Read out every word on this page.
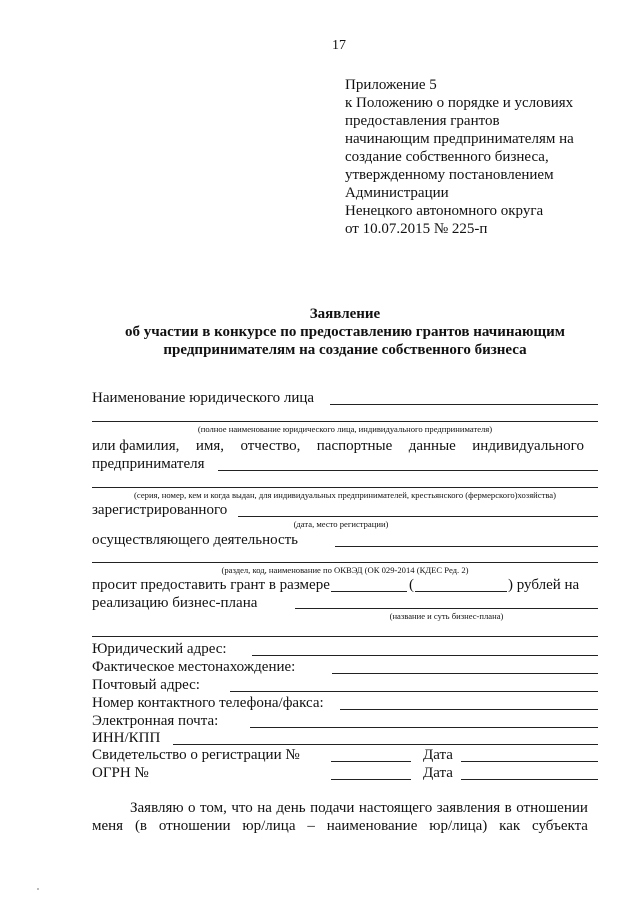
17
Приложение 5
к Положению о порядке и условиях
предоставления грантов
начинающим предпринимателям на
создание собственного бизнеса,
утвержденному постановлением
Администрации
Ненецкого автономного округа
от 10.07.2015 № 225-п
Заявление
об участии в конкурсе по предоставлению грантов начинающим
предпринимателям на создание собственного бизнеса
Наименование юридического лица
(полное наименование юридического лица, индивидуального предпринимателя)
или фамилия, имя, отчество, паспортные данные индивидуального
предпринимателя
(серия, номер, кем и когда выдан, для индивидуальных предпринимателей, крестьянского (фермерского)хозяйства)
зарегистрированного
(дата, место регистрации)
осуществляющего деятельность
(раздел, код, наименование по ОКВЭД (ОК 029-2014 (КДЕС Ред. 2)
просит предоставить грант в размере	(	) рублей на
реализацию бизнес-плана
(название и суть бизнес-плана)
Юридический адрес:
Фактическое местонахождение:
Почтовый адрес:
Номер контактного телефона/факса:
Электронная почта:
ИНН/КПП
Свидетельство о регистрации №	Дата
ОГРН №	Дата
Заявляю о том, что на день подачи настоящего заявления в отношении
меня (в отношении юр/лица – наименование юр/лица) как субъекта
